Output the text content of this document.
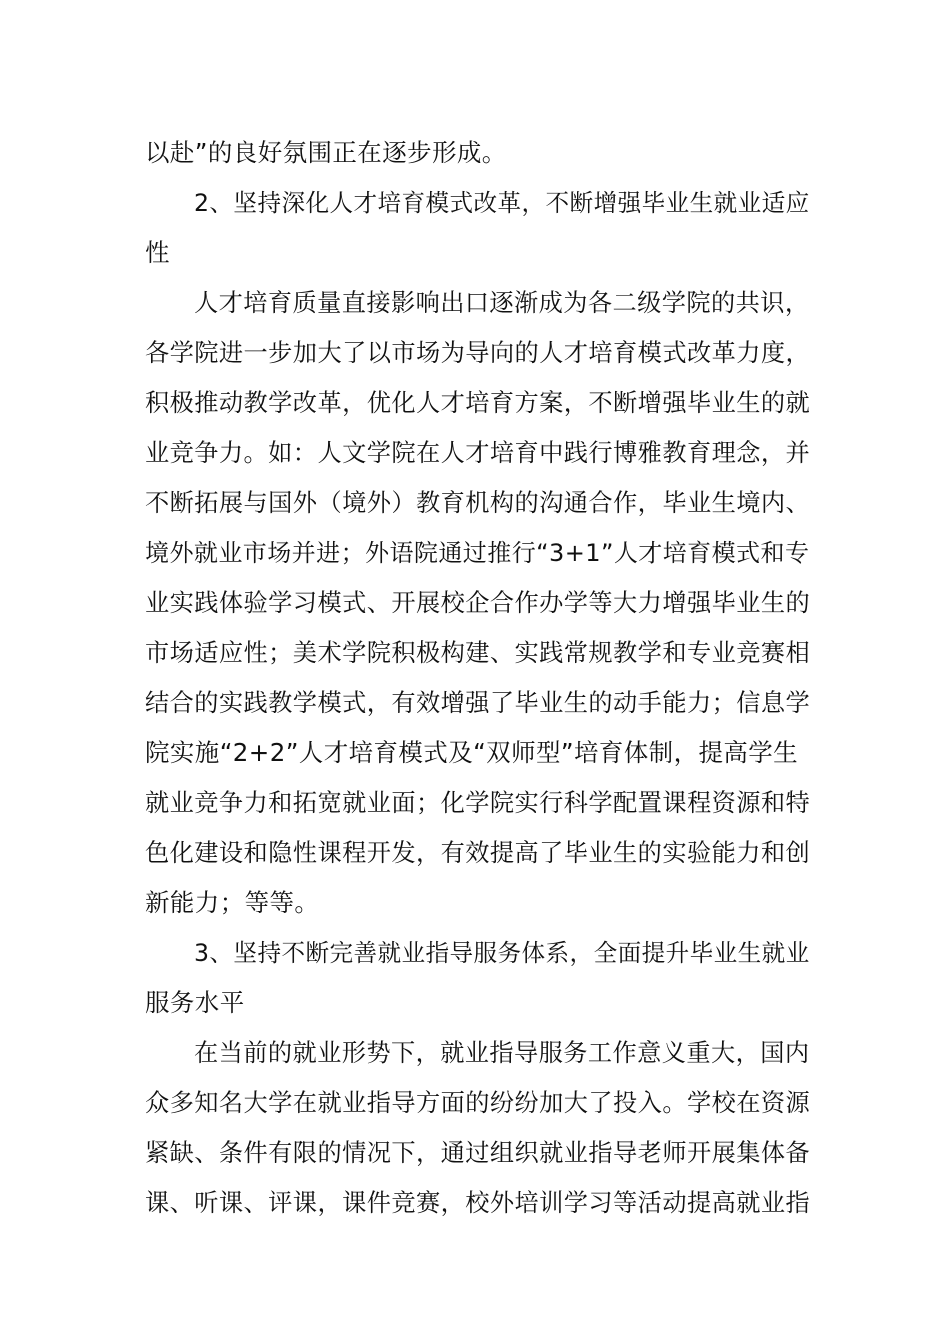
以赴”的良好氛围正在逐步形成。
2、坚持深化人才培育模式改革，不断增强毕业生就业适应
性
人才培育质量直接影响出口逐渐成为各二级学院的共识，
各学院进一步加大了以市场为导向的人才培育模式改革力度，
积极推动教学改革，优化人才培育方案，不断增强毕业生的就
业竞争力。如：人文学院在人才培育中践行博雅教育理念，并
不断拓展与国外（境外）教育机构的沟通合作，毕业生境内、
境外就业市场并进；外语院通过推行“3+1”人才培育模式和专
业实践体验学习模式、开展校企合作办学等大力增强毕业生的
市场适应性；美术学院积极构建、实践常规教学和专业竞赛相
结合的实践教学模式，有效增强了毕业生的动手能力；信息学
院实施“2+2”人才培育模式及“双师型”培育体制，提高学生
就业竞争力和拓宽就业面；化学院实行科学配置课程资源和特
色化建设和隐性课程开发，有效提高了毕业生的实验能力和创
新能力；等等。
3、坚持不断完善就业指导服务体系，全面提升毕业生就业
服务水平
在当前的就业形势下，就业指导服务工作意义重大，国内
众多知名大学在就业指导方面的纷纷加大了投入。学校在资源
紧缺、条件有限的情况下，通过组织就业指导老师开展集体备
课、听课、评课，课件竞赛，校外培训学习等活动提高就业指
